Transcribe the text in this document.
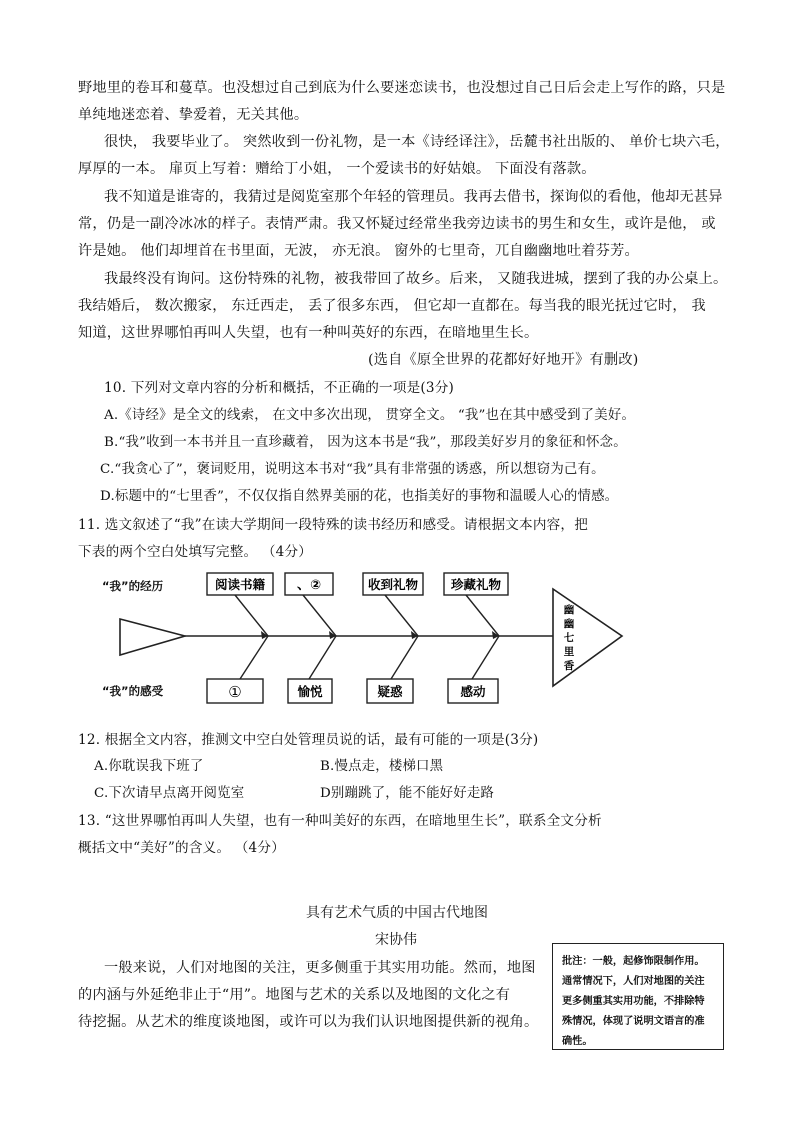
野地里的卷耳和蔓草。也没想过自己到底为什么要迷恋读书，也没想过自己日后会走上写作的路，只是
单纯地迷恋着、挚爱着，无关其他。
很快， 我要毕业了。 突然收到一份礼物，是一本《诗经译注》，岳麓书社出版的、 单价七块六毛，
厚厚的一本。 扉页上写着：赠给丁小姐， 一个爱读书的好姑娘。 下面没有落款。
我不知道是谁寄的，我猜过是阅览室那个年轻的管理员。我再去借书，探询似的看他，他却无甚异
常，仍是一副冷冰冰的样子。表情严肃。我又怀疑过经常坐我旁边读书的男生和女生，或许是他， 或
许是她。 他们却埋首在书里面，无波， 亦无浪。 窗外的七里奇，兀自幽幽地吐着芬芳。
我最终没有询问。这份特殊的礼物，被我带回了故乡。后来， 又随我进城，摆到了我的办公桌上。
我结婚后， 数次搬家， 东迁西走， 丢了很多东西， 但它却一直都在。每当我的眼光抚过它时， 我
知道，这世界哪怕再叫人失望，也有一种叫英好的东西，在暗地里生长。
(选自《原全世界的花都好好地开》有删改)
10. 下列对文章内容的分析和概括，不正确的一项是(3分)
A.《诗经》是全文的线索， 在文中多次出现， 贯穿全文。 “我”也在其中感受到了美好。
B.“我”收到一本书并且一直珍藏着， 因为这本书是“我”，那段美好岁月的象征和怀念。
C.“我贪心了”，褒词贬用，说明这本书对“我”具有非常强的诱惑，所以想窃为己有。
D.标题中的“七里香”，不仅仅指自然界美丽的花，也指美好的事物和温暖人心的情感。
11. 选文叙述了“我”在读大学期间一段特殊的读书经历和感受。请根据文本内容，把
下表的两个空白处填写完整。 （4分）
“我”的经历
“我”的感受
阅读书籍 、②	收到礼物	珍藏礼物
①	愉悦	疑惑	感动
幽
幽
七
里
香
12. 根据全文内容，推测文中空白处管理员说的话，最有可能的一项是(3分)
A.你耽误我下班了	B.慢点走，楼梯口黑
C.下次请早点离开阅览室	D别蹦跳了，能不能好好走路
13. “这世界哪怕再叫人失望，也有一种叫美好的东西，在暗地里生长”，联系全文分析
概括文中“美好”的含义。 （4分）
具有艺术气质的中国古代地图
宋协伟
一般来说，人们对地图的关注，更多侧重于其实用功能。然而，地图
的内涵与外延绝非止于“用”。地图与艺术的关系以及地图的文化之有
待挖掘。从艺术的维度谈地图，或许可以为我们认识地图提供新的视角。
批注：一般，起修饰限制作用。通常情况下，人们对地图的关注更多侧重其实用功能，不排除特殊情况，体现了说明文语言的准确性。
